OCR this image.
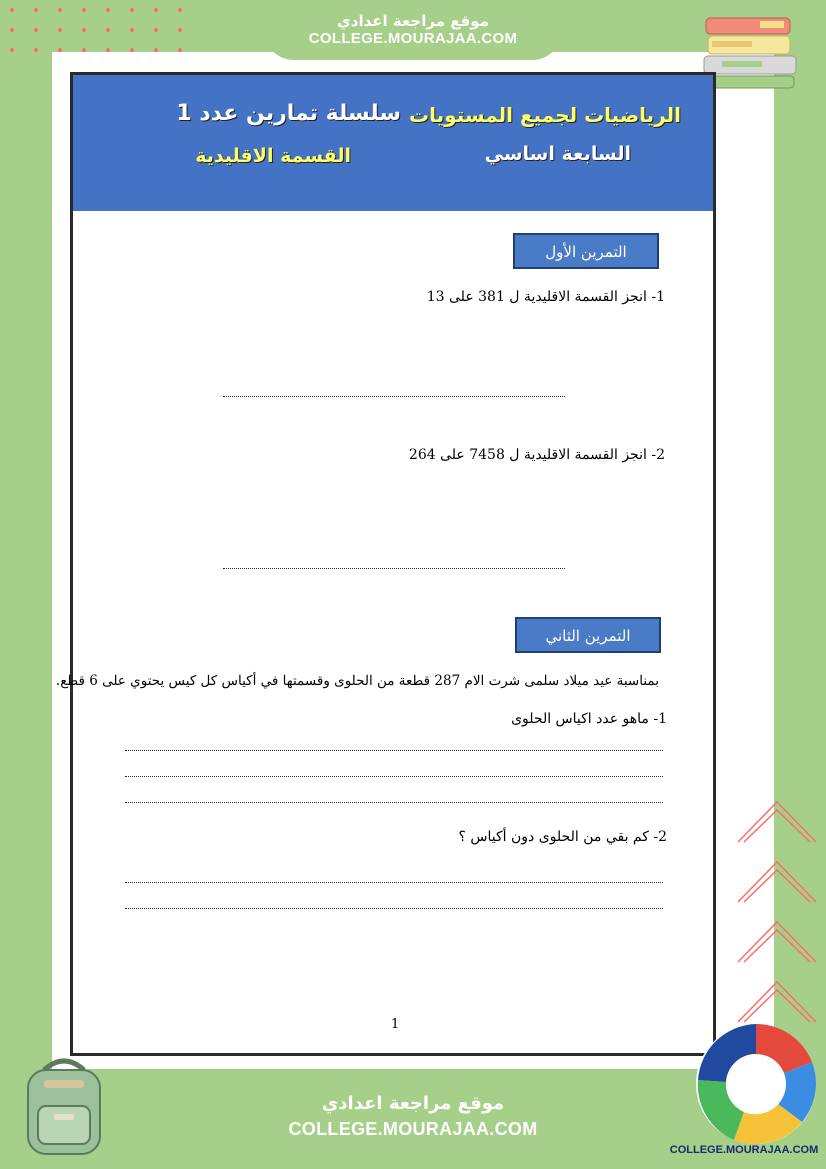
موقع مراجعة اعدادي
COLLEGE.MOURAJAA.COM
الرياضيات لجميع المستويات
سلسلة تمارين عدد 1
السابعة اساسي
القسمة الاقليدية
التمرين الأول
1- انجز القسمة الاقليدية ل 381 على 13
2- انجز القسمة الاقليدية ل 7458 على 264
التمرين الثاني
بمناسبة عيد ميلاد سلمى شرت الام 287 قطعة من الحلوى وقسمتها في أكياس كل كيس يحتوي على 6 قطع.
1- ماهو عدد اكياس الحلوى
2- كم بقي من الحلوى دون أكياس ؟
1
موقع مراجعة اعدادي
COLLEGE.MOURAJAA.COM
COLLEGE.MOURAJAA.COM
